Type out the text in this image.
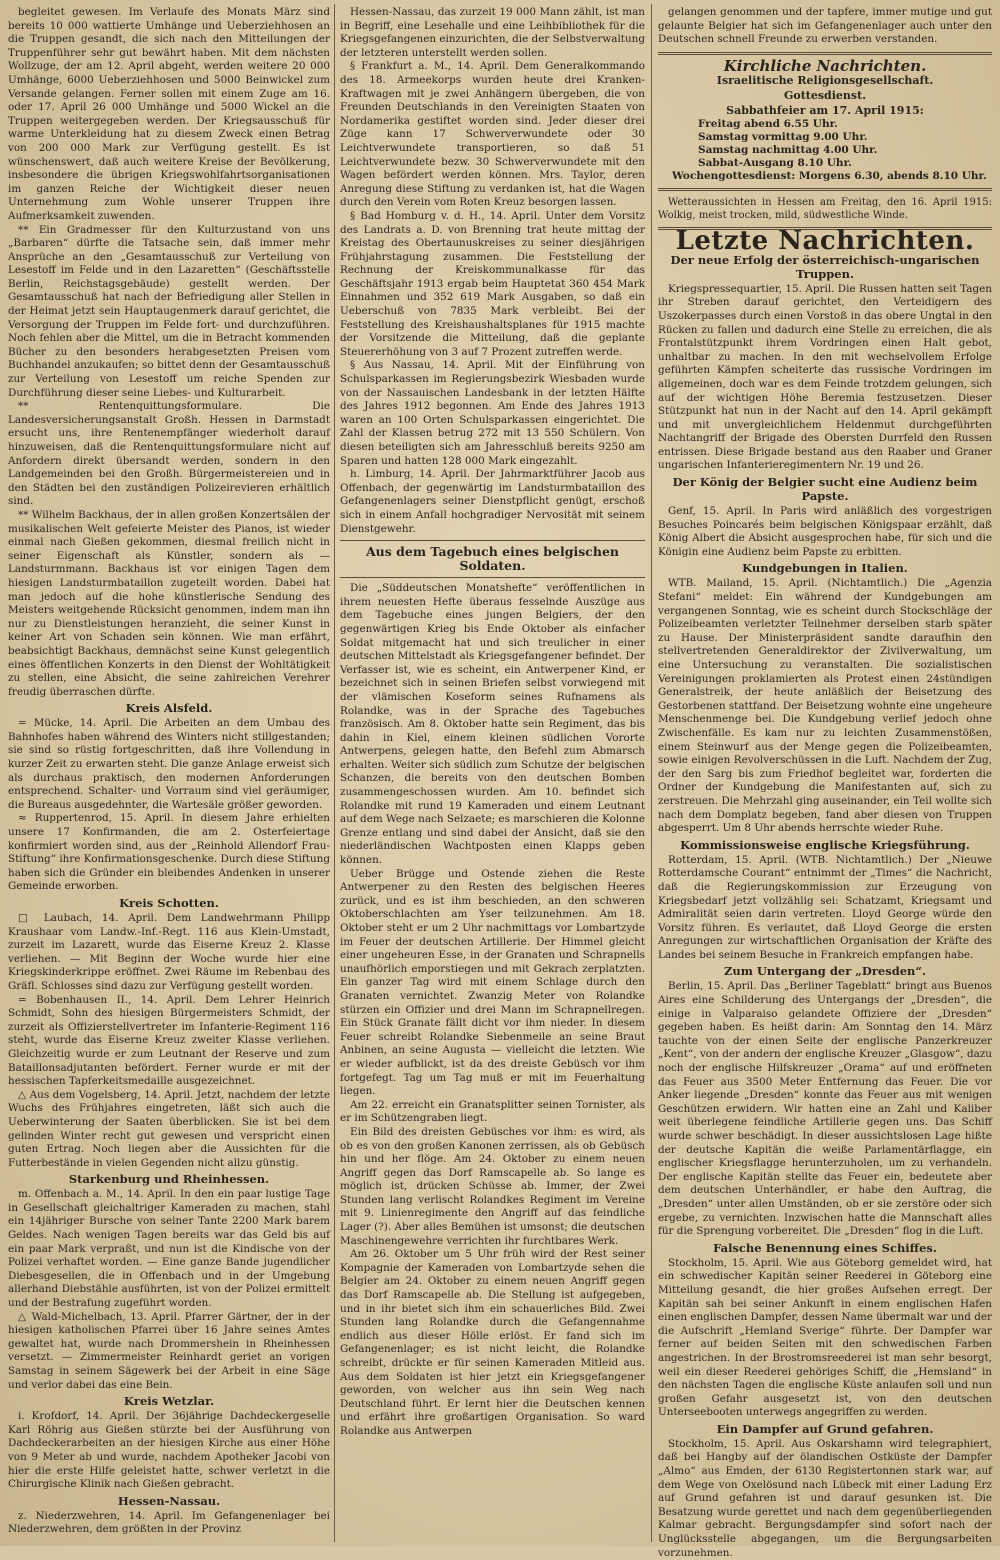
begleitet gewesen. Im Verlaufe des Monats März sind bereits 10 000 wattierte Umhänge und Ueberziehhosen an die Truppen gesandt, die sich nach den Mitteilungen der Truppenführer sehr gut bewährt haben. Mit dem nächsten Wollzuge, der am 12. April abgeht, werden weitere 20 000 Umhänge, 6000 Ueberziehhosen und 5000 Beinwickel zum Versande gelangen. Ferner sollen mit einem Zuge am 16. oder 17. April 26 000 Umhänge und 5000 Wickel an die Truppen weitergegeben werden. Der Kriegsausschuß für warme Unterkleidung hat zu diesem Zweck einen Betrag von 200 000 Mark zur Verfügung gestellt. Es ist wünschenswert, daß auch weitere Kreise der Bevölkerung, insbesondere die übrigen Kriegswohlfahrtsorganisationen im ganzen Reiche der Wichtigkeit dieser neuen Unternehmung zum Wohle unserer Truppen ihre Aufmerksamkeit zuwenden.

** Ein Gradmesser für den Kulturzustand von uns „Barbaren“ dürfte die Tatsache sein, daß immer mehr Ansprüche an den „Gesamtausschuß zur Verteilung von Lesestoff im Felde und in den Lazaretten“ (Geschäftsstelle Berlin, Reichstagsgebäude) gestellt werden. Der Gesamtausschuß hat nach der Befriedigung aller Stellen in der Heimat jetzt sein Hauptaugenmerk darauf gerichtet, die Versorgung der Truppen im Felde fort- und durchzuführen. Noch fehlen aber die Mittel, um die in Betracht kommenden Bücher zu den besonders herabgesetzten Preisen vom Buchhandel anzukaufen; so bittet denn der Gesamtausschuß zur Verteilung von Lesestoff um reiche Spenden zur Durchführung dieser seine Liebes- und Kulturarbeit.

** Rentenquittungsformulare. Die Landesversicherungsanstalt Großh. Hessen in Darmstadt ersucht uns, ihre Rentenempfänger wiederholt darauf hinzuweisen, daß die Rentenquittungsformulare nicht auf Anfordern direkt übersandt werden, sondern in den Landgemeinden bei den Großh. Bürgermeistereien und in den Städten bei den zuständigen Polizeirevieren erhältlich sind.

** Wilhelm Backhaus, der in allen großen Konzertsälen der musikalischen Welt gefeierte Meister des Pianos, ist wieder einmal nach Gießen gekommen, diesmal freilich nicht in seiner Eigenschaft als Künstler, sondern als — Landsturmmann. Backhaus ist vor einigen Tagen dem hiesigen Landsturmbataillon zugeteilt worden. Dabei hat man jedoch auf die hohe künstlerische Sendung des Meisters weitgehende Rücksicht genommen, indem man ihn nur zu Dienstleistungen heranzieht, die seiner Kunst in keiner Art von Schaden sein können. Wie man erfährt, beabsichtigt Backhaus, demnächst seine Kunst gelegentlich eines öffentlichen Konzerts in den Dienst der Wohltätigkeit zu stellen, eine Absicht, die seine zahlreichen Verehrer freudig überraschen dürfte.

Kreis Alsfeld.

= Mücke, 14. April. Die Arbeiten an dem Umbau des Bahnhofes haben während des Winters nicht stillgestanden; sie sind so rüstig fortgeschritten, daß ihre Vollendung in kurzer Zeit zu erwarten steht. Die ganze Anlage erweist sich als durchaus praktisch, den modernen Anforderungen entsprechend. Schalter- und Vorraum sind viel geräumiger, die Bureaus ausgedehnter, die Wartesäle größer geworden.

≈ Ruppertenrod, 15. April. In diesem Jahre erhielten unsere 17 Konfirmanden, die am 2. Osterfeiertage konfirmiert worden sind, aus der „Reinhold Allendorf Frau-Stiftung“ ihre Konfirmationsgeschenke. Durch diese Stiftung haben sich die Gründer ein bleibendes Andenken in unserer Gemeinde erworben.

Kreis Schotten.

□ Laubach, 14. April. Dem Landwehrmann Philipp Kraushaar vom Landw.-Inf.-Regt. 116 aus Klein-Umstadt, zurzeit im Lazarett, wurde das Eiserne Kreuz 2. Klasse verliehen. — Mit Beginn der Woche wurde hier eine Kriegskinderkrippe eröffnet. Zwei Räume im Rebenbau des Gräfl. Schlosses sind dazu zur Verfügung gestellt worden.

= Bobenhausen II., 14. April. Dem Lehrer Heinrich Schmidt, Sohn des hiesigen Bürgermeisters Schmidt, der zurzeit als Offizierstellvertreter im Infanterie-Regiment 116 steht, wurde das Eiserne Kreuz zweiter Klasse verliehen. Gleichzeitig wurde er zum Leutnant der Reserve und zum Bataillonsadjutanten befördert. Ferner wurde er mit der hessischen Tapferkeitsmedaille ausgezeichnet.

△ Aus dem Vogelsberg, 14. April. Jetzt, nachdem der letzte Wuchs des Frühjahres eingetreten, läßt sich auch die Ueberwinterung der Saaten überblicken. Sie ist bei dem gelinden Winter recht gut gewesen und verspricht einen guten Ertrag. Noch liegen aber die Aussichten für die Futterbestände in vielen Gegenden nicht allzu günstig.

Starkenburg und Rheinhessen.

m. Offenbach a. M., 14. April. In den ein paar lustige Tage in Gesellschaft gleichaltriger Kameraden zu machen, stahl ein 14jähriger Bursche von seiner Tante 2200 Mark barem Geldes. Nach wenigen Tagen bereits war das Geld bis auf ein paar Mark verpraßt, und nun ist die Kindische von der Polizei verhaftet worden. — Eine ganze Bande jugendlicher Diebesgesellen, die in Offenbach und in der Umgebung allerhand Diebstähle ausführten, ist von der Polizei ermittelt und der Bestrafung zugeführt worden.

△ Wald-Michelbach, 13. April. Pfarrer Gärtner, der in der hiesigen katholischen Pfarrei über 16 Jahre seines Amtes gewaltet hat, wurde nach Drommershein in Rheinhessen versetzt. — Zimmermeister Reinhardt geriet an vorigen Samstag in seinem Sägewerk bei der Arbeit in eine Säge und verlor dabei das eine Bein.

Kreis Wetzlar.

i. Krofdorf, 14. April. Der 36jährige Dachdeckergeselle Karl Röhrig aus Gießen stürzte bei der Ausführung von Dachdeckerarbeiten an der hiesigen Kirche aus einer Höhe von 9 Meter ab und wurde, nachdem Apotheker Jacobi von hier die erste Hilfe geleistet hatte, schwer verletzt in die Chirurgische Klinik nach Gießen gebracht.

Hessen-Nassau.

z. Niederzwehren, 14. April. Im Gefangenenlager bei Niederzwehren, dem größten in der Provinz

Hessen-Nassau, das zurzeit 19 000 Mann zählt, ist man in Begriff, eine Lesehalle und eine Leihbibliothek für die Kriegsgefangenen einzurichten, die der Selbstverwaltung der letzteren unterstellt werden sollen.

§ Frankfurt a. M., 14. April. Dem Generalkommando des 18. Armeekorps wurden heute drei Kranken-Kraftwagen mit je zwei Anhängern übergeben, die von Freunden Deutschlands in den Vereinigten Staaten von Nordamerika gestiftet worden sind. Jeder dieser drei Züge kann 17 Schwerverwundete oder 30 Leichtverwundete transportieren, so daß 51 Leichtverwundete bezw. 30 Schwerverwundete mit den Wagen befördert werden können. Mrs. Taylor, deren Anregung diese Stiftung zu verdanken ist, hat die Wagen durch den Verein vom Roten Kreuz besorgen lassen.

§ Bad Homburg v. d. H., 14. April. Unter dem Vorsitz des Landrats a. D. von Brenning trat heute mittag der Kreistag des Obertaunuskreises zu seiner diesjährigen Frühjahrstagung zusammen. Die Feststellung der Rechnung der Kreiskommunalkasse für das Geschäftsjahr 1913 ergab beim Hauptetat 360 454 Mark Einnahmen und 352 619 Mark Ausgaben, so daß ein Ueberschuß von 7835 Mark verbleibt. Bei der Feststellung des Kreishaushaltsplanes für 1915 machte der Vorsitzende die Mitteilung, daß die geplante Steuererhöhung von 3 auf 7 Prozent zutreffen werde.

§ Aus Nassau, 14. April. Mit der Einführung von Schulsparkassen im Regierungsbezirk Wiesbaden wurde von der Nassauischen Landesbank in der letzten Hälfte des Jahres 1912 begonnen. Am Ende des Jahres 1913 waren an 100 Orten Schulsparkassen eingerichtet. Die Zahl der Klassen betrug 272 mit 13 550 Schülern. Von diesen beteiligten sich am Jahresschluß bereits 9250 am Sparen und hatten 128 000 Mark eingezahlt.

h. Limburg, 14. April. Der Jahrmarktführer Jacob aus Offenbach, der gegenwärtig im Landsturmbataillon des Gefangenenlagers seiner Dienstpflicht genügt, erschoß sich in einem Anfall hochgradiger Nervosität mit seinem Dienstgewehr.

Aus dem Tagebuch eines belgischen Soldaten.

Die „Süddeutschen Monatshefte“ veröffentlichen in ihrem neuesten Hefte überaus fesselnde Auszüge aus dem Tagebuche eines jungen Belgiers, der den gegenwärtigen Krieg bis Ende Oktober als einfacher Soldat mitgemacht hat und sich treulicher in einer deutschen Mittelstadt als Kriegsgefangener befindet. Der Verfasser ist, wie es scheint, ein Antwerpener Kind, er bezeichnet sich in seinen Briefen selbst vorwiegend mit der vlämischen Koseform seines Rufnamens als Rolandke, was in der Sprache des Tagebuches französisch. Am 8. Oktober hatte sein Regiment, das bis dahin in Kiel, einem kleinen südlichen Vororte Antwerpens, gelegen hatte, den Befehl zum Abmarsch erhalten. Weiter sich südlich zum Schutze der belgischen Schanzen, die bereits von den deutschen Bomben zusammengeschossen wurden. Am 10. befindet sich Rolandke mit rund 19 Kameraden und einem Leutnant auf dem Wege nach Selzaete; es marschieren die Kolonne Grenze entlang und sind dabei der Ansicht, daß sie den niederländischen Wachtposten einen Klapps geben können.

Ueber Brügge und Ostende ziehen die Reste Antwerpener zu den Resten des belgischen Heeres zurück, und es ist ihm beschieden, an den schweren Oktoberschlachten am Yser teilzunehmen. Am 18. Oktober steht er um 2 Uhr nachmittags vor Lombartzyde im Feuer der deutschen Artillerie. Der Himmel gleicht einer ungeheuren Esse, in der Granaten und Schrapnells unaufhörlich emporstiegen und mit Gekrach zerplatzten. Ein ganzer Tag wird mit einem Schlage durch den Granaten vernichtet. Zwanzig Meter von Rolandke stürzen ein Offizier und drei Mann im Schrapnellregen. Ein Stück Granate fällt dicht vor ihm nieder. In diesem Feuer schreibt Rolandke Siebenmeile an seine Braut Anbinen, an seine Augusta — vielleicht die letzten. Wie er wieder aufblickt, ist da des dreiste Gebüsch vor ihm fortgefegt. Tag um Tag muß er mit im Feuerhaltung liegen.

Am 22. erreicht ein Granatsplitter seinen Tornister, als er im Schützengraben liegt.

Ein Bild des dreisten Gebüsches vor ihm: es wird, als ob es von den großen Kanonen zerrissen, als ob Gebüsch hin und her flöge. Am 24. Oktober zu einem neuen Angriff gegen das Dorf Ramscapelle ab. So lange es möglich ist, drücken Schüsse ab. Immer, der Zwei Stunden lang verlischt Rolandkes Regiment im Vereine mit 9. Linienregimente den Angriff auf das feindliche Lager (?). Aber alles Bemühen ist umsonst; die deutschen Maschinengewehre verrichten ihr furchtbares Werk.

Am 26. Oktober um 5 Uhr früh wird der Rest seiner Kompagnie der Kameraden von Lombartzyde sehen die Belgier am 24. Oktober zu einem neuen Angriff gegen das Dorf Ramscapelle ab. Die Stellung ist aufgegeben, und in ihr bietet sich ihm ein schauerliches Bild. Zwei Stunden lang Rolandke durch die Gefangennahme endlich aus dieser Hölle erlöst. Er fand sich im Gefangenenlager; es ist nicht leicht, die Rolandke schreibt, drückte er für seinen Kameraden Mitleid aus. Aus dem Soldaten ist hier jetzt ein Kriegsgefangener geworden, von welcher aus ihn sein Weg nach Deutschland führt. Er lernt hier die Deutschen kennen und erfährt ihre großartigen Organisation. So ward Rolandke aus Antwerpen

gelangen genommen und der tapfere, immer mutige und gut gelaunte Belgier hat sich im Gefangenenlager auch unter den Deutschen schnell Freunde zu erwerben verstanden.

Kirchliche Nachrichten.
Israelitische Religionsgesellschaft.
Gottesdienst.
Sabbathfeier am 17. April 1915:

Freitag abend 6.55 Uhr.

Samstag vormittag 9.00 Uhr.

Samstag nachmittag 4.00 Uhr.

Sabbat-Ausgang 8.10 Uhr.

Wochengottesdienst: Morgens 6.30, abends 8.10 Uhr.

Wetteraussichten in Hessen am Freitag, den 16. April 1915: Wolkig, meist trocken, mild, südwestliche Winde.

Letzte Nachrichten.
Der neue Erfolg der österreichisch-ungarischen Truppen.

Kriegspressequartier, 15. April. Die Russen hatten seit Tagen ihr Streben darauf gerichtet, den Verteidigern des Uszokerpasses durch einen Vorstoß in das obere Ungtal in den Rücken zu fallen und dadurch eine Stelle zu erreichen, die als Frontalstützpunkt ihrem Vordringen einen Halt gebot, unhaltbar zu machen. In den mit wechselvollem Erfolge geführten Kämpfen scheiterte das russische Vordringen im allgemeinen, doch war es dem Feinde trotzdem gelungen, sich auf der wichtigen Höhe Beremia festzusetzen. Dieser Stützpunkt hat nun in der Nacht auf den 14. April gekämpft und mit unvergleichlichem Heldenmut durchgeführten Nachtangriff der Brigade des Obersten Durrfeld den Russen entrissen. Diese Brigade bestand aus den Raaber und Graner ungarischen Infanterieregimentern Nr. 19 und 26.

Der König der Belgier sucht eine Audienz beim Papste.

Genf, 15. April. In Paris wird anläßlich des vorgestrigen Besuches Poincarés beim belgischen Königspaar erzählt, daß König Albert die Absicht ausgesprochen habe, für sich und die Königin eine Audienz beim Papste zu erbitten.

Kundgebungen in Italien.

WTB. Mailand, 15. April. (Nichtamtlich.) Die „Agenzia Stefani“ meldet: Ein während der Kundgebungen am vergangenen Sonntag, wie es scheint durch Stockschläge der Polizeibeamten verletzter Teilnehmer derselben starb später zu Hause. Der Ministerpräsident sandte daraufhin den stellvertretenden Generaldirektor der Zivilverwaltung, um eine Untersuchung zu veranstalten. Die sozialistischen Vereinigungen proklamierten als Protest einen 24stündigen Generalstreik, der heute anläßlich der Beisetzung des Gestorbenen stattfand. Der Beisetzung wohnte eine ungeheure Menschenmenge bei. Die Kundgebung verlief jedoch ohne Zwischenfälle. Es kam nur zu leichten Zusammenstößen, einem Steinwurf aus der Menge gegen die Polizeibeamten, sowie einigen Revolverschüssen in die Luft. Nachdem der Zug, der den Sarg bis zum Friedhof begleitet war, forderten die Ordner der Kundgebung die Manifestanten auf, sich zu zerstreuen. Die Mehrzahl ging auseinander, ein Teil wollte sich nach dem Domplatz begeben, fand aber diesen von Truppen abgesperrt. Um 8 Uhr abends herrschte wieder Ruhe.

Kommissionsweise englische Kriegsführung.

Rotterdam, 15. April. (WTB. Nichtamtlich.) Der „Nieuwe Rotterdamsche Courant“ entnimmt der „Times“ die Nachricht, daß die Regierungskommission zur Erzeugung von Kriegsbedarf jetzt vollzählig sei: Schatzamt, Kriegsamt und Admiralität seien darin vertreten. Lloyd George würde den Vorsitz führen. Es verlautet, daß Lloyd George die ersten Anregungen zur wirtschaftlichen Organisation der Kräfte des Landes bei seinem Besuche in Frankreich empfangen habe.

Zum Untergang der „Dresden“.

Berlin, 15. April. Das „Berliner Tageblatt“ bringt aus Buenos Aires eine Schilderung des Untergangs der „Dresden“, die einige in Valparaiso gelandete Offiziere der „Dresden“ gegeben haben. Es heißt darin: Am Sonntag den 14. März tauchte von der einen Seite der englische Panzerkreuzer „Kent“, von der andern der englische Kreuzer „Glasgow“, dazu noch der englische Hilfskreuzer „Orama“ auf und eröffneten das Feuer aus 3500 Meter Entfernung das Feuer. Die vor Anker liegende „Dresden“ konnte das Feuer aus mit wenigen Geschützen erwidern. Wir hatten eine an Zahl und Kaliber weit überlegene feindliche Artillerie gegen uns. Das Schiff wurde schwer beschädigt. In dieser aussichtslosen Lage hißte der deutsche Kapitän die weiße Parlamentärflagge, ein englischer Kriegsflagge herunterzuholen, um zu verhandeln. Der englische Kapitän stellte das Feuer ein, bedeutete aber dem deutschen Unterhändler, er habe den Auftrag, die „Dresden“ unter allen Umständen, ob er sie zerstöre oder sich ergebe, zu vernichten. Inzwischen hatte die Mannschaft alles für die Sprengung vorbereitet. Die „Dresden“ flog in die Luft.

Falsche Benennung eines Schiffes.

Stockholm, 15. April. Wie aus Göteborg gemeldet wird, hat ein schwedischer Kapitän seiner Reederei in Göteborg eine Mitteilung gesandt, die hier großes Aufsehen erregt. Der Kapitän sah bei seiner Ankunft in einem englischen Hafen einen englischen Dampfer, dessen Name übermalt war und der die Aufschrift „Hemland Sverige“ führte. Der Dampfer war ferner auf beiden Seiten mit den schwedischen Farben angestrichen. In der Brostromsreederei ist man sehr besorgt, weil ein dieser Reederei gehöriges Schiff, die „Hemsland“ in den nächsten Tagen die englische Küste anlaufen soll und nun großen Gefahr ausgesetzt ist, von den deutschen Unterseebooten unterwegs angegriffen zu werden.

Ein Dampfer auf Grund gefahren.

Stockholm, 15. April. Aus Oskarshamn wird telegraphiert, daß bei Hangby auf der ölandischen Ostküste der Dampfer „Almo“ aus Emden, der 6130 Registertonnen stark war, auf dem Wege von Oxelösund nach Lübeck mit einer Ladung Erz auf Grund gefahren ist und darauf gesunken ist. Die Besatzung wurde gerettet und nach dem gegenüberliegenden Kalmar gebracht. Bergungsdampfer sind sofort nach der Unglücksstelle abgegangen, um die Bergungsarbeiten vorzunehmen.
